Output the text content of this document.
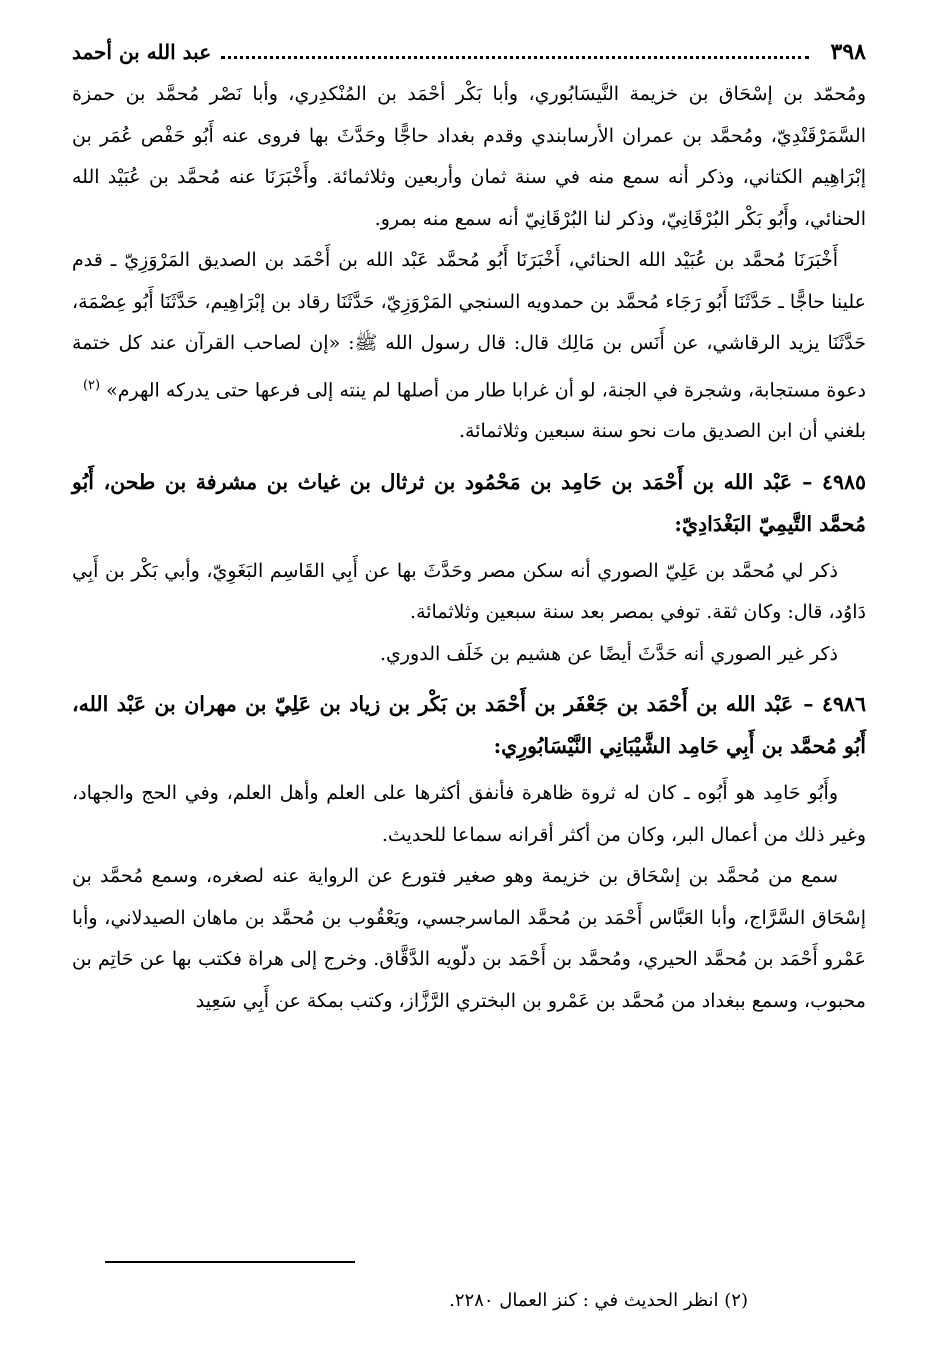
٣٩٨
عبد الله بن أحمد

ومُحمّد بن إسْحَاق بن خزيمة النَّيسَابُوري، وأبا بَكْر أحْمَد بن المُنْكدِري، وأبا نَصْر مُحمَّد بن حمزة السَّمَرْقَنْدِيّ، ومُحمَّد بن عمران الأرسابندي وقدم بغداد حاجًّا وحَدَّثَ بها فروى عنه أَبُو حَفْص عُمَر بن إبْرَاهِيم الكتاني، وذكر أنه سمع منه في سنة ثمان وأربعين وثلاثمائة. وأَخْبَرَنَا عنه مُحمَّد بن عُبَيْد الله الحنائي، وأَبُو بَكْر البُرْقَانِيّ، وذكر لنا البُرْقَانِيّ أنه سمع منه بمرو.

أَخْبَرَنَا مُحمَّد بن عُبَيْد الله الحنائي، أَخْبَرَنَا أَبُو مُحمَّد عَبْد الله بن أَحْمَد بن الصديق المَرْوَزِيّ ـ قدم علينا حاجًّا ـ حَدَّثَنَا أَبُو رَجَاء مُحمَّد بن حمدويه السنجي المَرْوَزِيّ، حَدَّثَنَا رقاد بن إبْرَاهِيم، حَدَّثَنَا أَبُو عِصْمَة، حَدَّثَنَا يزيد الرقاشي، عن أَنَس بن مَالِك قال: قال رسول الله ﷺ: «إن لصاحب القرآن عند كل ختمة دعوة مستجابة، وشجرة في الجنة، لو أن غرابا طار من أصلها لم ينته إلى فرعها حتى يدركه الهرم» $^{(٢)}$

بلغني أن ابن الصديق مات نحو سنة سبعين وثلاثمائة.

٤٩٨٥ –عَبْد الله بن أَحْمَد بن حَامِد بن مَحْمُود بن ثرثال بن غياث بن مشرفة بن طحن، أَبُو مُحمَّد التَّيمِيّ البَغْدَادِيّ:

ذكر لي مُحمَّد بن عَلِيّ الصوري أنه سكن مصر وحَدَّثَ بها عن أَبِي القَاسِم البَغَوِيّ، وأبي بَكْر بن أَبِي دَاوُد، قال: وكان ثقة. توفي بمصر بعد سنة سبعين وثلاثمائة.

ذكر غير الصوري أنه حَدَّثَ أيضًا عن هشيم بن خَلَف الدوري.

٤٩٨٦ –عَبْد الله بن أَحْمَد بن جَعْفَر بن أَحْمَد بن بَكْر بن زياد بن عَلِيّ بن مهران بن عَبْد الله، أَبُو مُحمَّد بن أَبِي حَامِد الشَّيْبَانِي النَّيْسَابُورِي:

وأَبُو حَامِد هو أَبُوه ـ كان له ثروة ظاهرة فأنفق أكثرها على العلم وأهل العلم، وفي الحج والجهاد، وغير ذلك من أعمال البر، وكان من أكثر أقرانه سماعا للحديث.

سمع من مُحمَّد بن إسْحَاق بن خزيمة وهو صغير فتورع عن الرواية عنه لصغره، وسمع مُحمَّد بن إسْحَاق السَّرَّاج، وأبا العَبَّاس أَحْمَد بن مُحمَّد الماسرجسي، ويَعْقُوب بن مُحمَّد بن ماهان الصيدلاني، وأبا عَمْرو أَحْمَد بن مُحمَّد الحيري، ومُحمَّد بن أَحْمَد بن دلّويه الدَّقَّاق. وخرج إلى هراة فكتب بها عن حَاتِم بن محبوب، وسمع ببغداد من مُحمَّد بن عَمْرو بن البختري الرَّزَّاز، وكتب بمكة عن أَبِي سَعِيد

(٢) انظر الحديث في : كنز العمال ٢٢٨٠.
